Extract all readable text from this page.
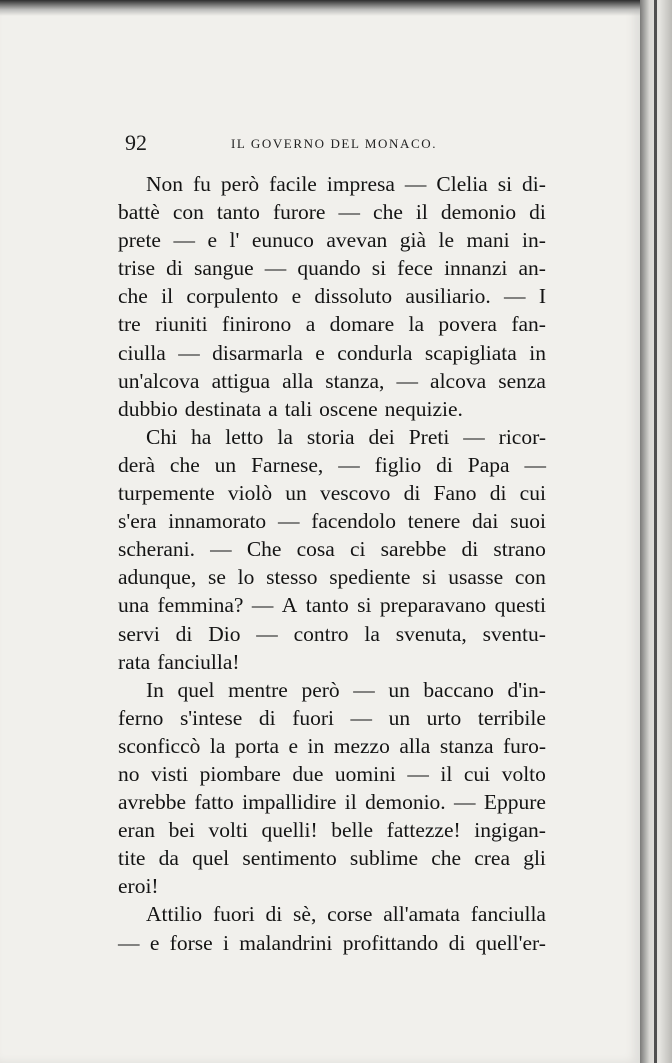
92	IL GOVERNO DEL MONACO.
Non fu però facile impresa — Clelia si di-
battè con tanto furore — che il demonio di
prete — e l' eunuco avevan già le mani in-
trise di sangue — quando si fece innanzi an-
che il corpulento e dissoluto ausiliario. — I
tre riuniti finirono a domare la povera fan-
ciulla — disarmarla e condurla scapigliata in
un'alcova attigua alla stanza, — alcova senza
dubbio destinata a tali oscene nequizie.
Chi ha letto la storia dei Preti — ricor-
derà che un Farnese, — figlio di Papa —
turpemente violò un vescovo di Fano di cui
s'era innamorato — facendolo tenere dai suoi
scherani. — Che cosa ci sarebbe di strano
adunque, se lo stesso spediente si usasse con
una femmina? — A tanto si preparavano questi
servi di Dio — contro la svenuta, sventu-
rata fanciulla!
In quel mentre però — un baccano d'in-
ferno s'intese di fuori — un urto terribile
sconficcò la porta e in mezzo alla stanza furo-
no visti piombare due uomini — il cui volto
avrebbe fatto impallidire il demonio. — Eppure
eran bei volti quelli! belle fattezze! ingigan-
tite da quel sentimento sublime che crea gli
eroi!
Attilio fuori di sè, corse all'amata fanciulla
— e forse i malandrini profittando di quell'er-
